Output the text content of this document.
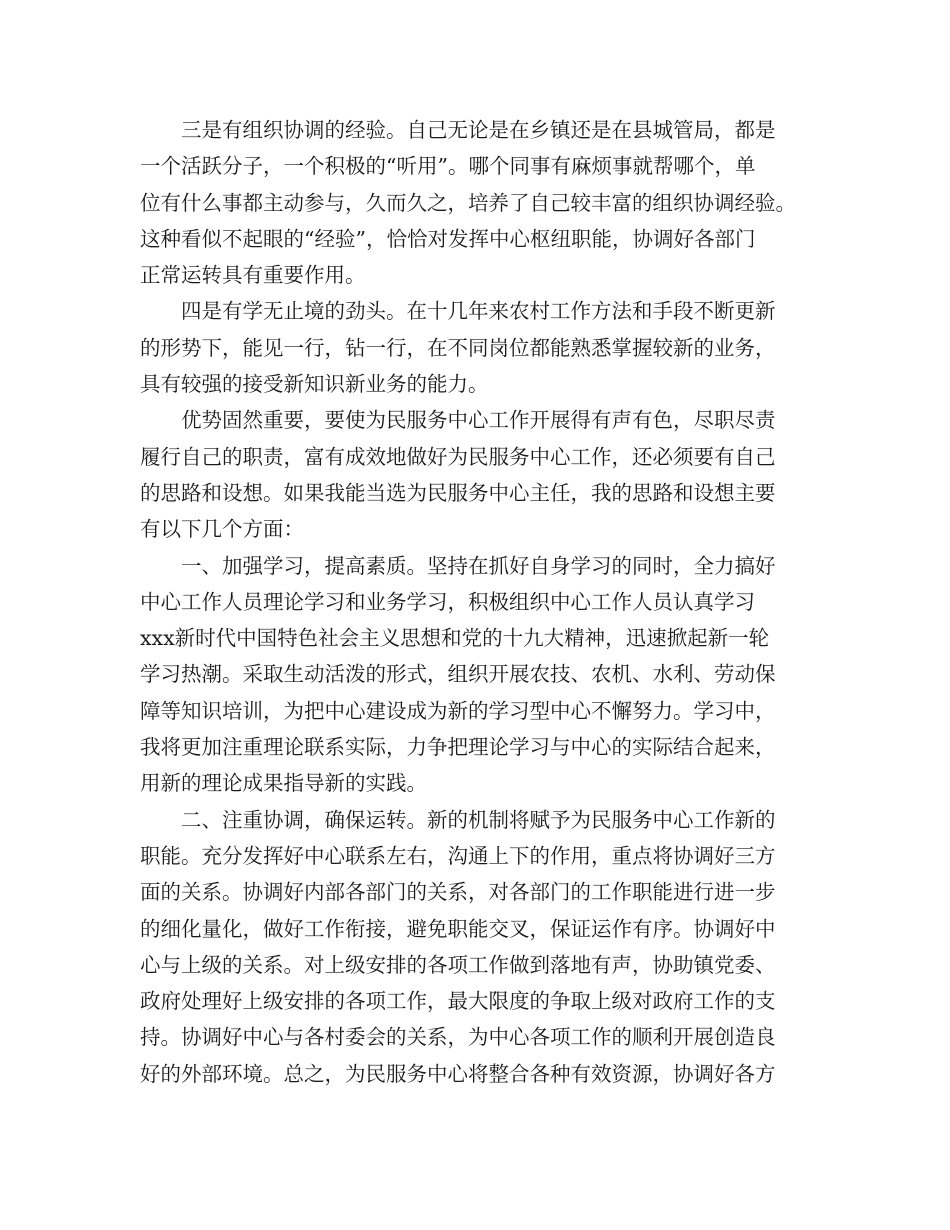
三是有组织协调的经验。自己无论是在乡镇还是在县城管局，都是
一个活跃分子，一个积极的“听用”。哪个同事有麻烦事就帮哪个，单
位有什么事都主动参与，久而久之，培养了自己较丰富的组织协调经验。
这种看似不起眼的“经验”，恰恰对发挥中心枢纽职能，协调好各部门
正常运转具有重要作用。

四是有学无止境的劲头。在十几年来农村工作方法和手段不断更新
的形势下，能见一行，钻一行，在不同岗位都能熟悉掌握较新的业务，
具有较强的接受新知识新业务的能力。

优势固然重要，要使为民服务中心工作开展得有声有色，尽职尽责
履行自己的职责，富有成效地做好为民服务中心工作，还必须要有自己
的思路和设想。如果我能当选为民服务中心主任，我的思路和设想主要
有以下几个方面：

一、加强学习，提高素质。坚持在抓好自身学习的同时，全力搞好
中心工作人员理论学习和业务学习，积极组织中心工作人员认真学习
xxx新时代中国特色社会主义思想和党的十九大精神，迅速掀起新一轮
学习热潮。采取生动活泼的形式，组织开展农技、农机、水利、劳动保
障等知识培训，为把中心建设成为新的学习型中心不懈努力。学习中，
我将更加注重理论联系实际，力争把理论学习与中心的实际结合起来，
用新的理论成果指导新的实践。

二、注重协调，确保运转。新的机制将赋予为民服务中心工作新的
职能。充分发挥好中心联系左右，沟通上下的作用，重点将协调好三方
面的关系。协调好内部各部门的关系，对各部门的工作职能进行进一步
的细化量化，做好工作衔接，避免职能交叉，保证运作有序。协调好中
心与上级的关系。对上级安排的各项工作做到落地有声，协助镇党委、
政府处理好上级安排的各项工作，最大限度的争取上级对政府工作的支
持。协调好中心与各村委会的关系，为中心各项工作的顺利开展创造良
好的外部环境。总之，为民服务中心将整合各种有效资源，协调好各方
